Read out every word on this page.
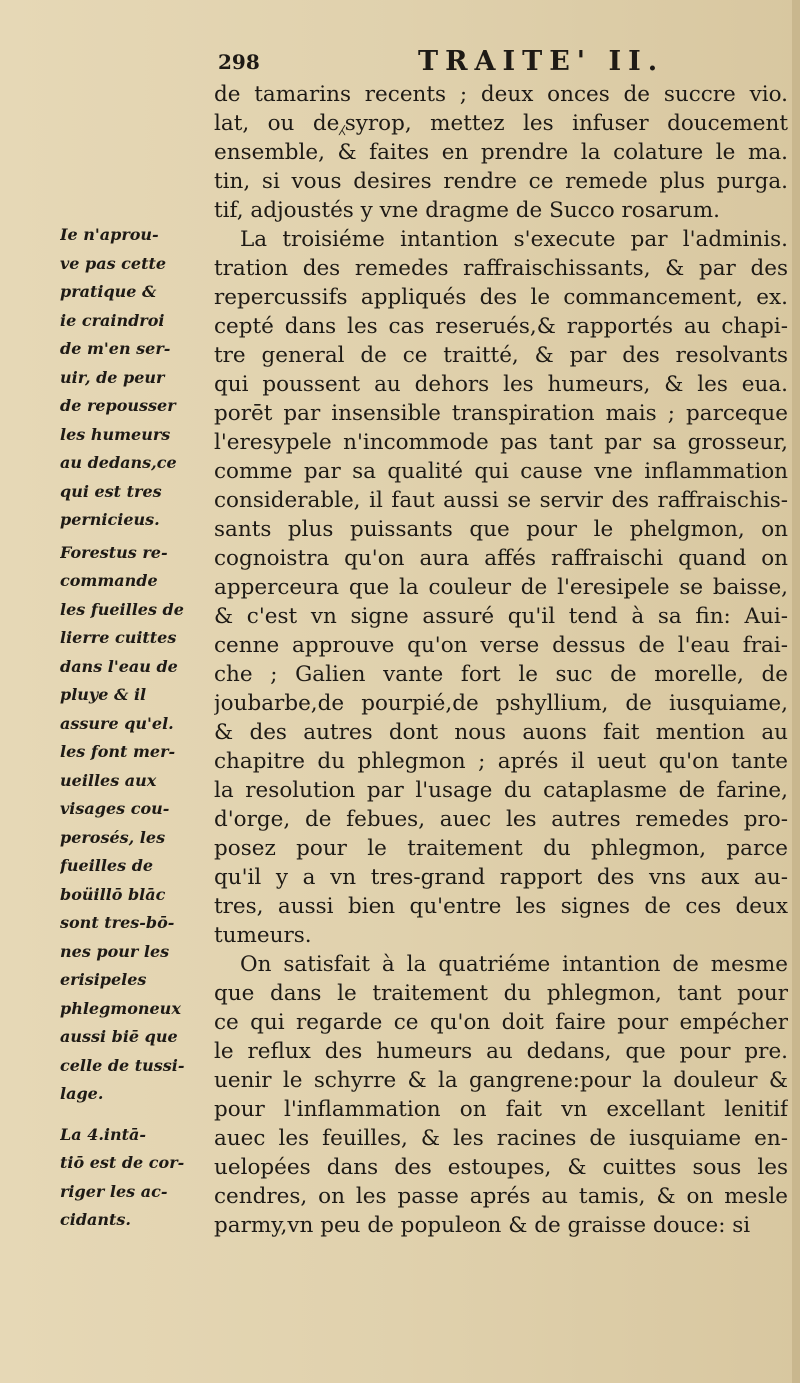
298	TRAITE' II.
de tamarins recents ; deux onces de succre vio.
lat, ou de⁁syrop, mettez les infuser doucement
ensemble, & faites en prendre la colature le ma.
tin, si vous desires rendre ce remede plus purga.
tif, adjoustés y vne dragme de Succo rosarum.
La troisiéme intantion s'execute par l'adminis.
tration des remedes raffraischissants, & par des
repercussifs appliqués des le commancement, ex.
cepté dans les cas reserués,& rapportés au chapi-
tre general de ce traitté, & par des resolvants
qui poussent au dehors les humeurs, & les eua.
porēt par insensible transpiration mais ; parceque
l'eresypele n'incommode pas tant par sa grosseur,
comme par sa qualité qui cause vne inflammation
considerable, il faut aussi se servir des raffraischis-
sants plus puissants que pour le phelgmon, on
cognoistra qu'on aura affés raffraischi quand on
apperceura que la couleur de l'eresipele se baisse,
& c'est vn signe assuré qu'il tend à sa fin: Aui-
cenne approuve qu'on verse dessus de l'eau frai-
che ; Galien vante fort le suc de morelle, de
joubarbe,de pourpié,de pshyllium, de iusquiame,
& des autres dont nous auons fait mention au
chapitre du phlegmon ; aprés il ueut qu'on tante
la resolution par l'usage du cataplasme de farine,
d'orge, de febues, auec les autres remedes pro-
posez pour le traitement du phlegmon, parce
qu'il y a vn tres-grand rapport des vns aux au-
tres, aussi bien qu'entre les signes de ces deux
tumeurs.
On satisfait à la quatriéme intantion de mesme
que dans le traitement du phlegmon, tant pour
ce qui regarde ce qu'on doit faire pour empécher
le reflux des humeurs au dedans, que pour pre.
uenir le schyrre & la gangrene:pour la douleur &
pour l'inflammation on fait vn excellant lenitif
auec les feuilles, & les racines de iusquiame en-
uelopées dans des estoupes, & cuittes sous les
cendres, on les passe aprés au tamis, & on mesle
parmy,vn peu de populeon & de graisse douce: si
Ie n'aprou-
ve pas cette
pratique &
ie craindroi
de m'en ser-
uir, de peur
de repousser
les humeurs
au dedans,ce
qui est tres
pernicieus.
Forestus re-
commande
les fueilles de
lierre cuittes
dans l'eau de
pluye & il
assure qu'el.
les font mer-
ueilles aux
visages cou-
perosés, les
fueilles de
boüillō blāc
sont tres-bō-
nes pour les
erisipeles
phlegmoneux
aussi biē que
celle de tussi-
lage.
La 4.intā-
tiō est de cor-
riger les ac-
cidants.
